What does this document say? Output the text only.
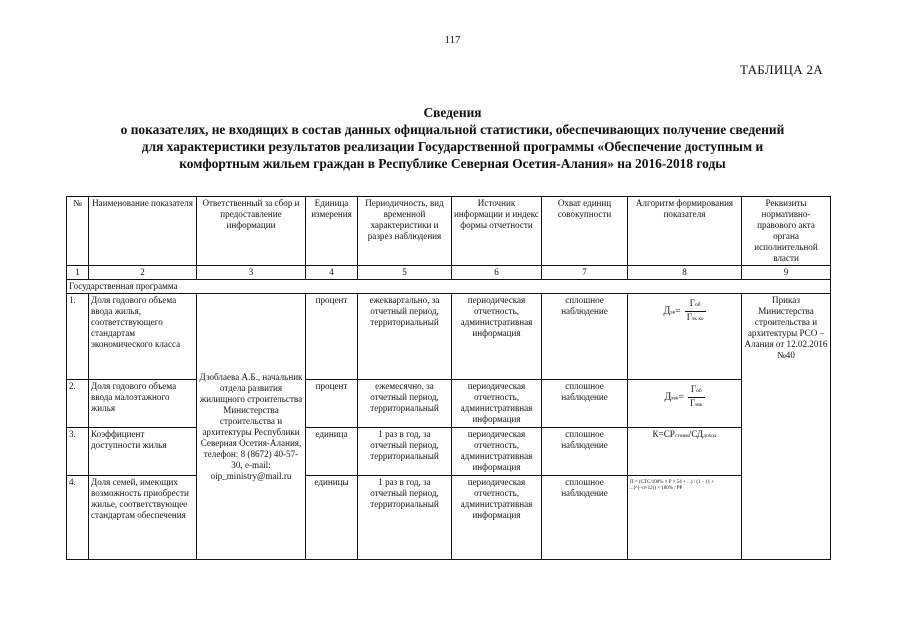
117
ТАБЛИЦА 2А
Сведения
о показателях, не входящих в состав данных официальной статистики, обеспечивающих получение сведений
для характеристики результатов реализации Государственной программы «Обеспечение доступным и
комфортным жильем граждан в Республике Северная Осетия-Алания» на 2016-2018 годы
№	Наименование показателя	Ответственный за сбор и предоставление информации	Единица измерения	Периодичность, вид временной характеристики и разрез наблюдения	Источник информации и индекс формы отчетности	Охват единиц совокупности	Алгоритм формирования показателя	Реквизиты нормативно-правового акта органа исполнительной власти
1	2	3	4	5	6	7	8	9
Государственная программа								
1.	Доля годового объема ввода жилья, соответствующего стандартам экономического класса	Дзоблаева А.Б., начальник отдела развития жилищного строительства Министерства строительства и архитектуры Республики Северная Осетия-Алания, телефон: 8 (8672) 40-57-30, e-mail: oip_ministry@mail.ru	процент	ежеквартально, за отчетный период, территориальный	периодическая отчетность, административная информация	сплошное наблюдение	$Дэк= \frac{\text{Гоб}}{\text{Гэк ко}}$	Приказ Министерства строительства и архитектуры РСО – Алания от 12.02.2016 №40
2.	Доля годового объема ввода малоэтажного жилья		процент	ежемесячно, за отчетный период, территориальный	периодическая отчетность, административная информация	сплошное наблюдение	$Дмж= \frac{\text{Гоб}}{\text{Гмж}}$

3.	Коэффициент доступности жилья		единица	1 раз в год, за отчетный период, территориальный	периодическая отчетность, административная информация	сплошное наблюдение	К=СРстоим/СДдоход	
4.	Доля семей, имеющих возможность приобрести жилье, соответствующее стандартам обеспечения		единицы	1 раз в год, за отчетный период, территориальный	периодическая отчетность, административная информация	сплошное наблюдение	П = (СТС/100% × Р × 54 + ...) / (1 − (1 + ...)^(−n×12)) × 100% / РР	
